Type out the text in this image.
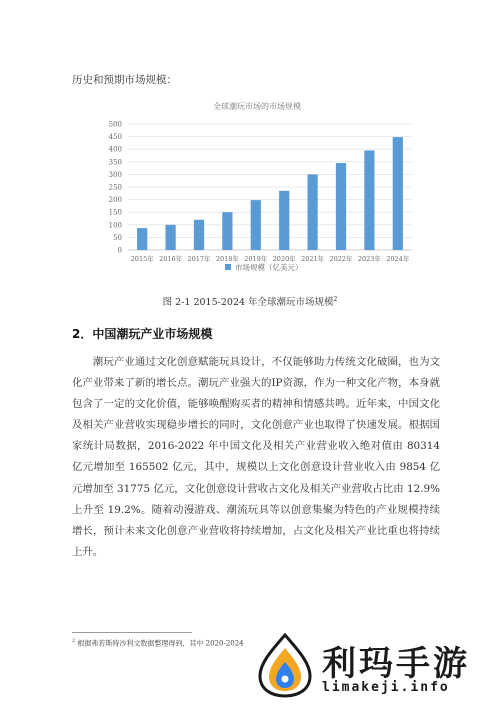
历史和预期市场规模：
全球潮玩市场的市场规模
0
50
100
150
200
250
300
350
400
450
500
2015年 2016年 2017年 2018年 2019年 2020年 2021年 2022年 2023年 2024年
市场规模（亿美元）
图 2-1 2015-2024 年全球潮玩市场规模$^2$
2．中国潮玩产业市场规模

潮玩产业通过文化创意赋能玩具设计，不仅能够助力传统文化破圈，也为文化产业带来了新的增长点。潮玩产业强大的IP资源，作为一种文化产物，本身就包含了一定的文化价值，能够唤醒购买者的精神和情感共鸣。近年来，中国文化及相关产业营收实现稳步增长的同时，文化创意产业也取得了快速发展。根据国家统计局数据，2016-2022 年中国文化及相关产业营业收入绝对值由 80314 亿元增加至 165502 亿元，其中，规模以上文化创意设计营业收入由 9854 亿元增加至 31775 亿元，文化创意设计营收占文化及相关产业营收占比由 12.9%上升至 19.2%。随着动漫游戏、潮流玩具等以创意集聚为特色的产业规模持续增长，预计未来文化创意产业营收将持续增加，占文化及相关产业比重也将持续上升。

$^2$ 根据弗若斯特沙利文数据整理得到，其中 2020-2024
利玛手游
limakeji.info
